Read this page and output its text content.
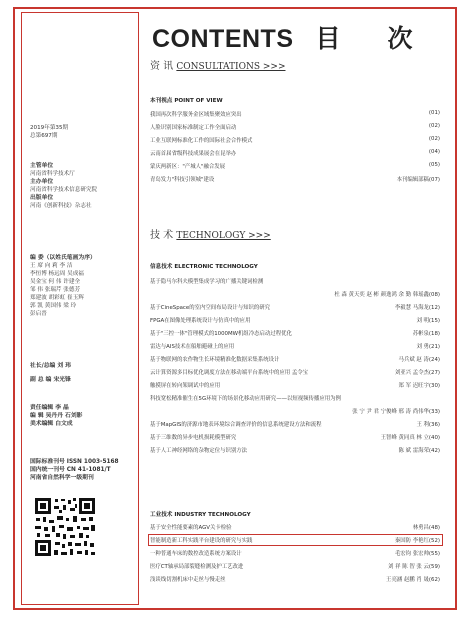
2019年第35期
总第697期
主管单位
河南省科学技术厅
主办单位
河南省科学技术信息研究院
出版单位
河南《创新科技》杂志社
编 委（以姓氏笔画为序）
王 席 向 莉 李 洁
李恒博 杨远周 吴成福
吴金宝 何 伟 许建全
邹 伟 张瑞芹 张德芳
郑建波 胡彩虹 崔玉辉
郭 凯 黄国伟 梁 玲
彭启晋
社长/总编 刘 玮
副 总 编 宋光锋
责任编辑 李 晶
编 辑 吴丹丹 石刘影
美术编辑 白文成
国际标准刊号 ISSN 1003-5168
国内统一刊号 CN 41-1081/T
河南省自然科学一级期刊
CONTENTS 目 次
资 讯 CONSULTATIONS >>>
本刊视点 POINT OF VIEW
我国再次科学服务金区域集聚效应突出	(01)
人脸识别国家标准制定工作全面启动	(02)
工业互联网标准化工作的国际社会合作模式	(02)
云南首届省级科技成果展会在昆举办	(04)
蒙庆两新区："产城人"融合发展	(05)
青岛发力"科技引领城"建设	本刊编辑部稿(07)
技 术 TECHNOLOGY >>>
信息技术 ELECTRONIC TECHNOLOGY
基于隐马尔科夫模型集成学习的广播关键词检测
杜 森 黄天奕 赵 彬 颜逸鸿 余 勤 韩瑶鑫(08)
基于CineSpace的室内空间布局设计与知识的研究	李毅慧 马海龙(12)
FPGA在图像处理系统设计与仿真中的应用	刘 明(15)
基于"三控一体"管理模式的1000MW机组冷态启动过程优化	苏彬泉(18)
雷达与AIS技术在船舶避碰上的应用	刘 勇(21)
基于物联网的农作物生长环境精准化数据采集系统设计	马兵斌 赵 涛(24)
云计算资源多目标优化调度方法在移动端平台系统中的应用 孟令宝	刘亚兴 孟令杰(27)
触摸屏在转向架调试中的应用	郑 军 迟旺宇(30)
科技宽松精准催生在5G环境下的场景化移动应用研究——以短视频传播应用为例
张 宁 尹 君 宁俊峰 邢 涛 尚伟华(33)
基于MapGIS的济源市地表环境综合调查评价的信息系统建设方法和流程	王 利(36)
基于三维数的异步电机损耗模型研究	王智峰 黄同真 林 立(40)
基于人工神经网络的杂物定位与识别方法	陈 斌 雷海荣(42)
工业技术 INDUSTRY TECHNOLOGY
基于安全性能要素的AGV关卡检验	林勇昌(48)
智能制造新工科实践平台建设的研究与实践	秦国防 李艳红(52)
一种普通车床的数控改造系统方案设计	毛宏钧 张宏帅(55)
医疗CT轴承局部裂缝检测及护工艺改进	刘 祥 陈 智 张 云(59)
浅谈线切割机床中走丝与慢走丝	王亮涵 赵鹏 肖 晟(62)
